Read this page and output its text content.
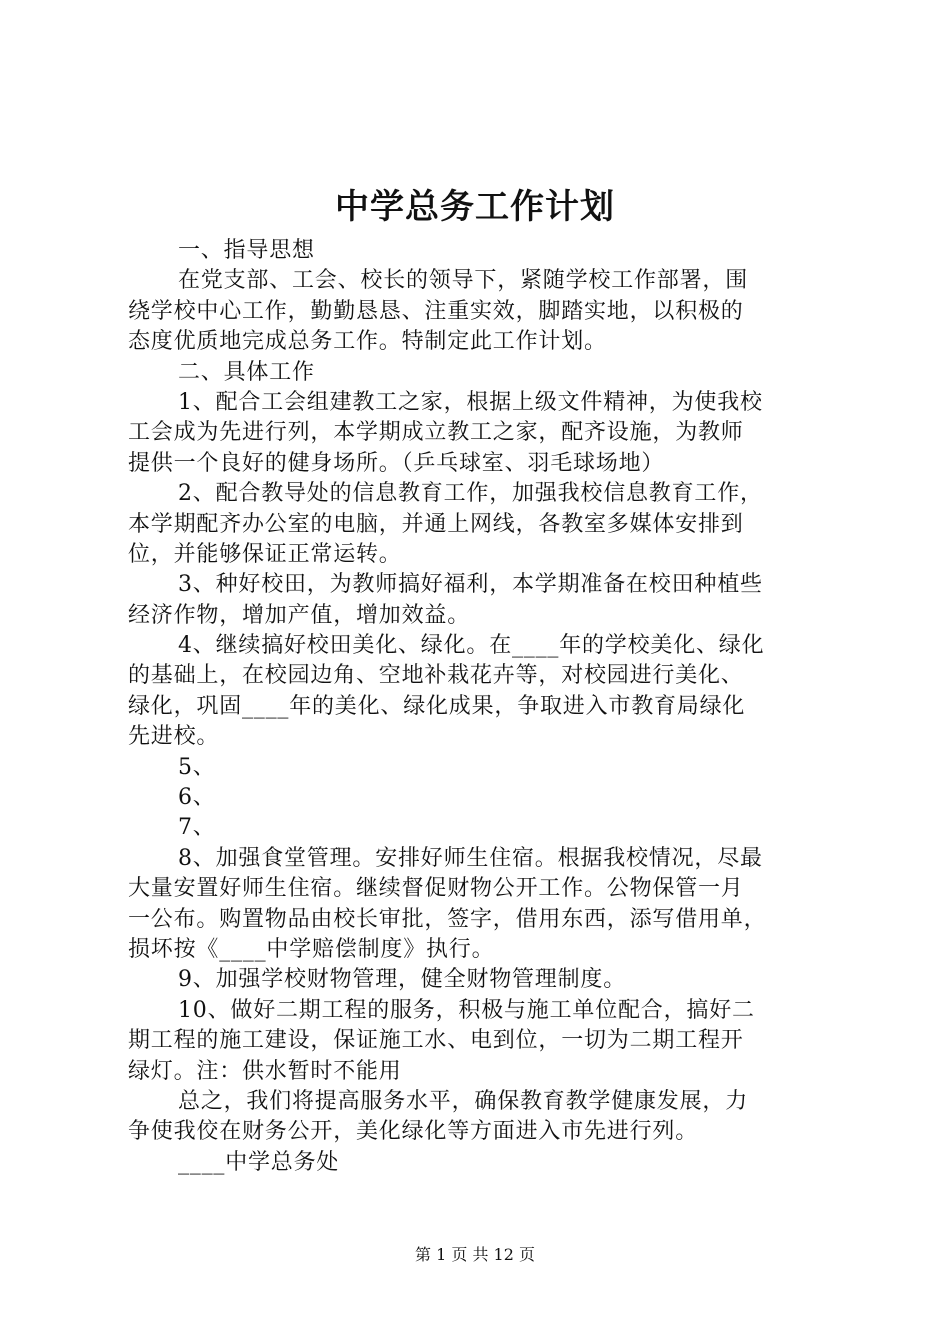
中学总务工作计划
一、指导思想
在党支部、工会、校长的领导下，紧随学校工作部署，围
绕学校中心工作，勤勤恳恳、注重实效，脚踏实地，以积极的
态度优质地完成总务工作。特制定此工作计划。
二、具体工作
1、配合工会组建教工之家，根据上级文件精神，为使我校
工会成为先进行列，本学期成立教工之家，配齐设施，为教师
提供一个良好的健身场所。（乒乓球室、羽毛球场地）
2、配合教导处的信息教育工作，加强我校信息教育工作，
本学期配齐办公室的电脑，并通上网线，各教室多媒体安排到
位，并能够保证正常运转。
3、种好校田，为教师搞好福利，本学期准备在校田种植些
经济作物，增加产值，增加效益。
4、继续搞好校田美化、绿化。在____年的学校美化、绿化
的基础上，在校园边角、空地补栽花卉等，对校园进行美化、
绿化，巩固____年的美化、绿化成果，争取进入市教育局绿化
先进校。
5、
6、
7、
8、加强食堂管理。安排好师生住宿。根据我校情况，尽最
大量安置好师生住宿。继续督促财物公开工作。公物保管一月
一公布。购置物品由校长审批，签字，借用东西，添写借用单，
损坏按《____中学赔偿制度》执行。
9、加强学校财物管理，健全财物管理制度。
10、做好二期工程的服务，积极与施工单位配合，搞好二
期工程的施工建设，保证施工水、电到位，一切为二期工程开
绿灯。注：供水暂时不能用
总之，我们将提高服务水平，确保教育教学健康发展，力
争使我佼在财务公开，美化绿化等方面进入市先进行列。
____中学总务处
第 1 页 共 12 页
